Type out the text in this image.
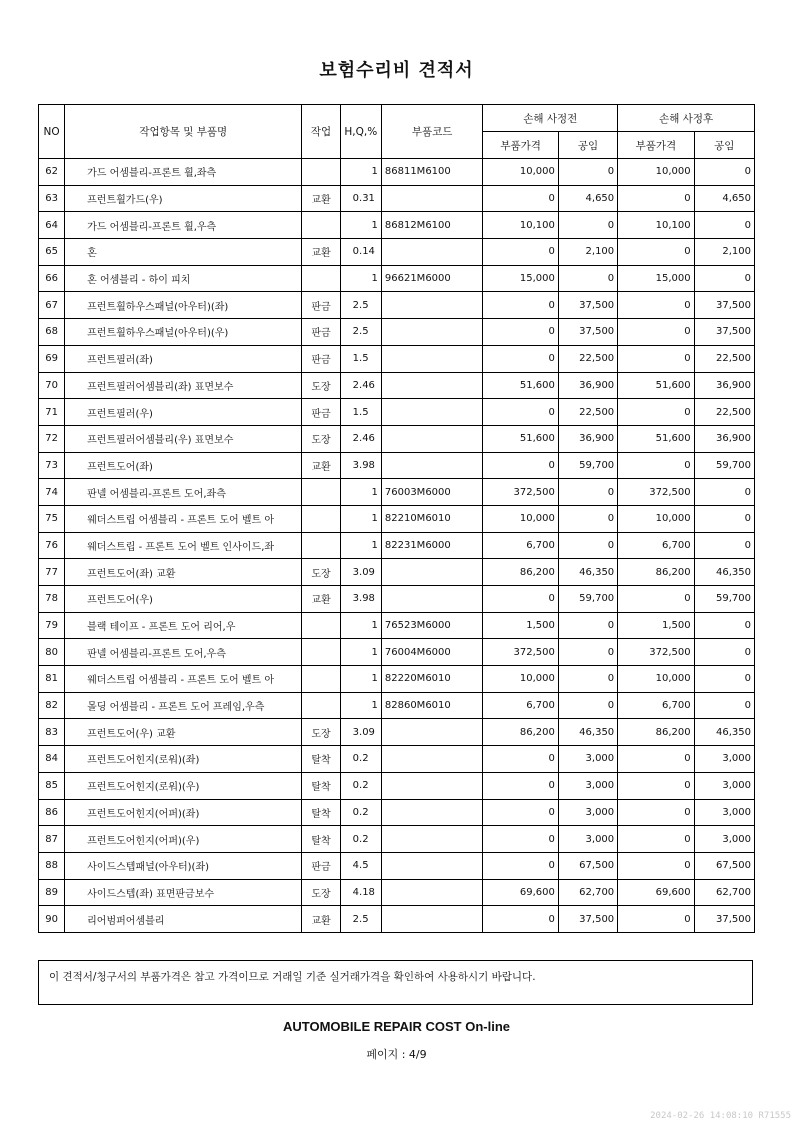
보험수리비 견적서
NO	작업항목 및 부품명	작업	H,Q,%	부품코드	손해 사정전		손해 사정후	
					부품가격	공임	부품가격	공임
62	가드 어셈블리-프론트 휠,좌측		1	86811M6100	10,000	0	10,000	0
63	프런트휠가드(우)	교환	0.31		0	4,650	0	4,650
64	가드 어셈블리-프론트 휠,우측		1	86812M6100	10,100	0	10,100	0
65	혼	교환	0.14		0	2,100	0	2,100
66	혼 어셈블리 - 하이 피치		1	96621M6000	15,000	0	15,000	0
67	프런트휠하우스패널(아우터)(좌)	판금	2.5		0	37,500	0	37,500
68	프런트휠하우스패널(아우터)(우)	판금	2.5		0	37,500	0	37,500
69	프런트필러(좌)	판금	1.5		0	22,500	0	22,500
70	프런트필러어셈블리(좌) 표면보수	도장	2.46		51,600	36,900	51,600	36,900
71	프런트필러(우)	판금	1.5		0	22,500	0	22,500
72	프런트필러어셈블리(우) 표면보수	도장	2.46		51,600	36,900	51,600	36,900
73	프런트도어(좌)	교환	3.98		0	59,700	0	59,700
74	판넬 어셈블리-프론트 도어,좌측		1	76003M6000	372,500	0	372,500	0
75	웨더스트립 어셈블리 - 프론트 도어 벨트 아		1	82210M6010	10,000	0	10,000	0
76	웨더스트립 - 프론트 도어 벨트 인사이드,좌		1	82231M6000	6,700	0	6,700	0
77	프런트도어(좌) 교환	도장	3.09		86,200	46,350	86,200	46,350
78	프런트도어(우)	교환	3.98		0	59,700	0	59,700
79	블랙 테이프 - 프론트 도어 리어,우		1	76523M6000	1,500	0	1,500	0
80	판넬 어셈블리-프론트 도어,우측		1	76004M6000	372,500	0	372,500	0
81	웨더스트립 어셈블리 - 프론트 도어 벨트 아		1	82220M6010	10,000	0	10,000	0
82	몰딩 어셈블리 - 프론트 도어 프레임,우측		1	82860M6010	6,700	0	6,700	0
83	프런트도어(우) 교환	도장	3.09		86,200	46,350	86,200	46,350
84	프런트도어힌지(로워)(좌)	탈착	0.2		0	3,000	0	3,000
85	프런트도어힌지(로워)(우)	탈착	0.2		0	3,000	0	3,000
86	프런트도어힌지(어퍼)(좌)	탈착	0.2		0	3,000	0	3,000
87	프런트도어힌지(어퍼)(우)	탈착	0.2		0	3,000	0	3,000
88	사이드스텝패널(아우터)(좌)	판금	4.5		0	67,500	0	67,500
89	사이드스텝(좌) 표면판금보수	도장	4.18		69,600	62,700	69,600	62,700
90	리어범퍼어셈블리	교환	2.5		0	37,500	0	37,500
이 견적서/청구서의 부품가격은 참고 가격이므로 거래일 기준 실거래가격을 확인하여 사용하시기 바랍니다.
AUTOMOBILE REPAIR COST On-line
페이지 : 4/9
2024-02-26 14:08:10 R71555
